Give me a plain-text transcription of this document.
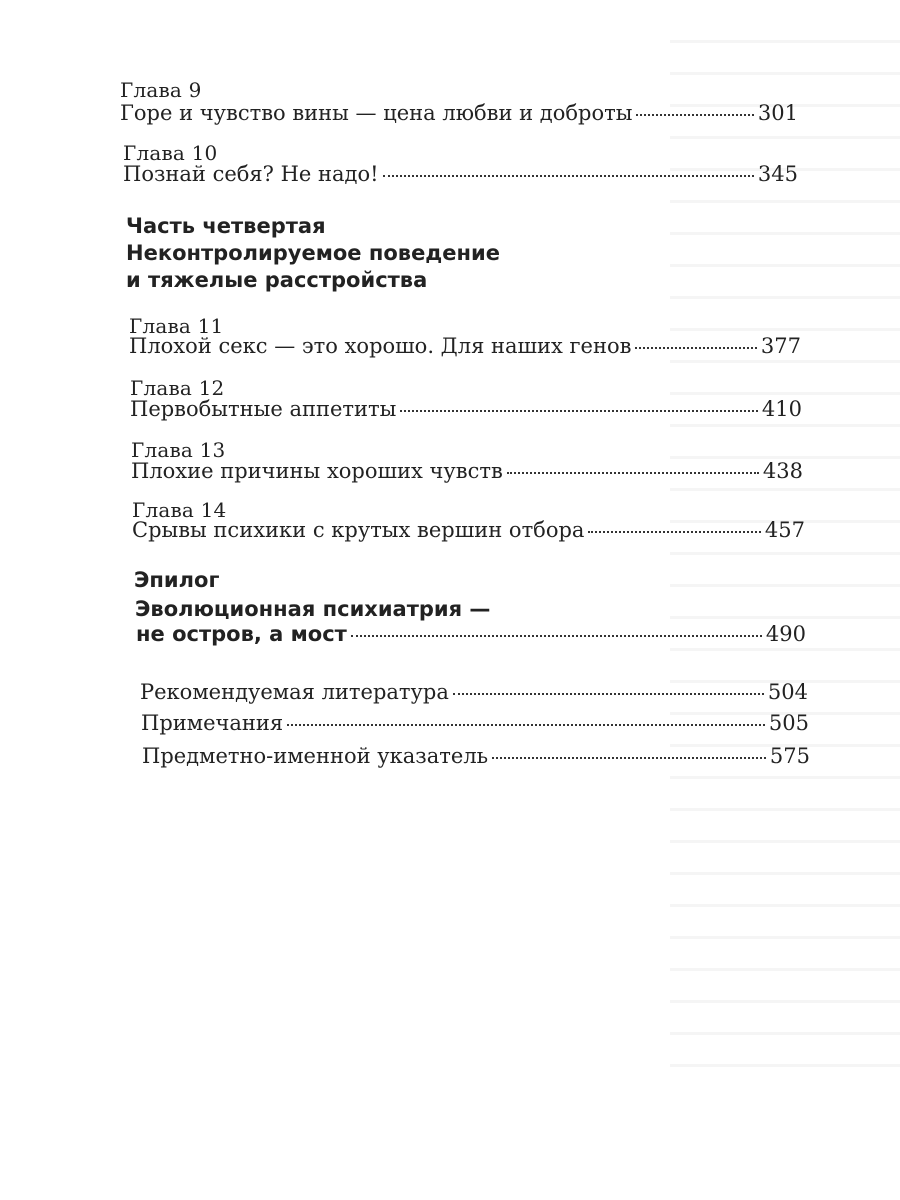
Глава 9
Горе и чувство вины — цена любви и доброты	301
Глава 10
Познай себя? Не надо!	345
Часть четвертая
Неконтролируемое поведение
и тяжелые расстройства
Глава 11
Плохой секс — это хорошо. Для наших генов	377
Глава 12
Первобытные аппетиты	410
Глава 13
Плохие причины хороших чувств	438
Глава 14
Срывы психики с крутых вершин отбора	457
Эпилог
Эволюционная психиатрия —
не остров, а мост	490
Рекомендуемая литература	504
Примечания	505
Предметно-именной указатель	575
